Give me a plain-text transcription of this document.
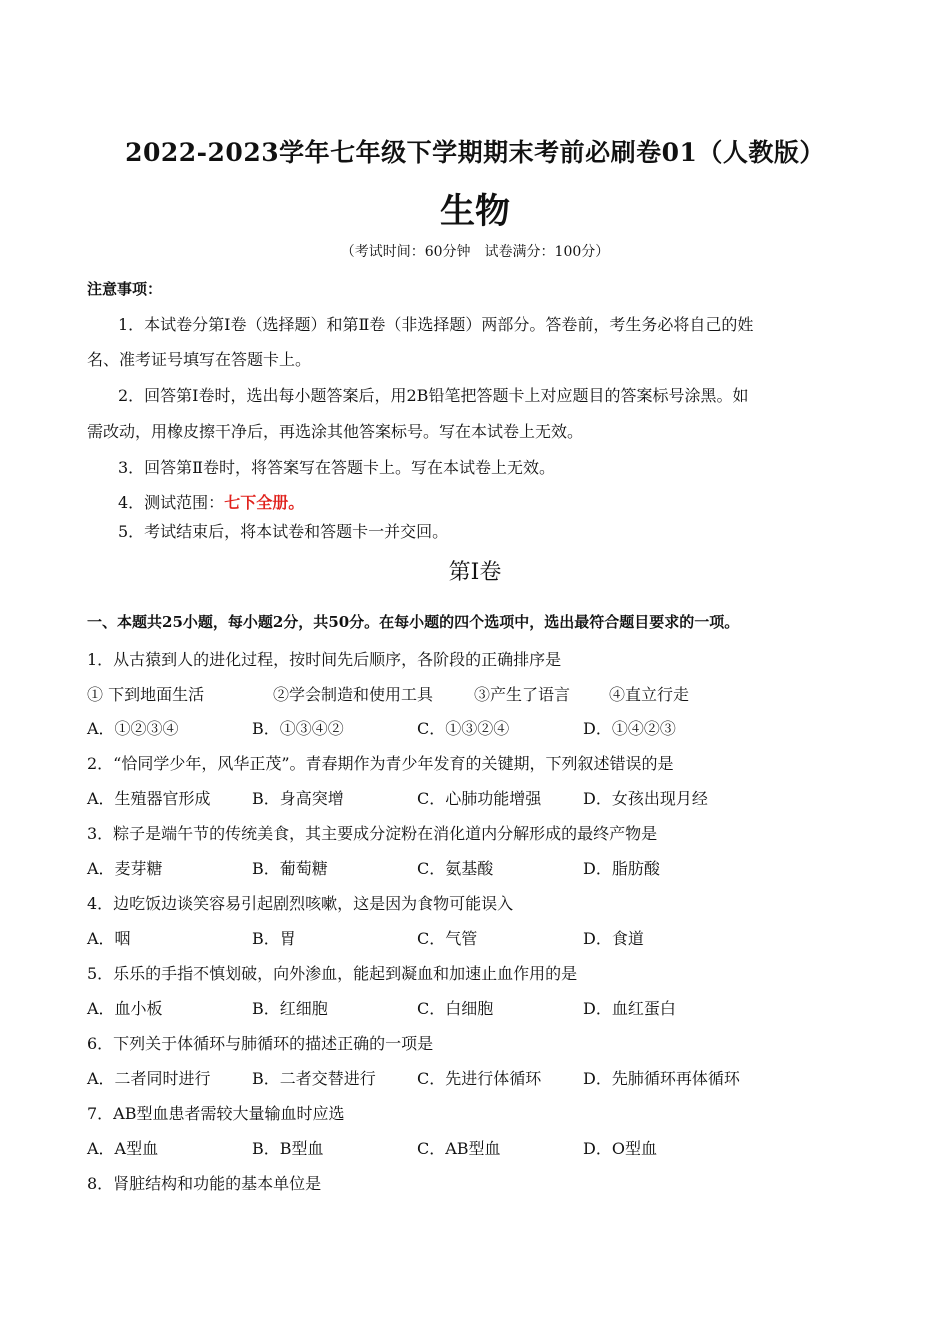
2022-2023学年七年级下学期期末考前必刷卷01（人教版）
生物
（考试时间：60分钟　试卷满分：100分）
注意事项：
1．本试卷分第Ⅰ卷（选择题）和第Ⅱ卷（非选择题）两部分。答卷前，考生务必将自己的姓
名、准考证号填写在答题卡上。
2．回答第Ⅰ卷时，选出每小题答案后，用2B铅笔把答题卡上对应题目的答案标号涂黑。如
需改动，用橡皮擦干净后，再选涂其他答案标号。写在本试卷上无效。
3．回答第Ⅱ卷时，将答案写在答题卡上。写在本试卷上无效。
4．测试范围：七下全册。
5．考试结束后，将本试卷和答题卡一并交回。
第Ⅰ卷
一、本题共25小题，每小题2分，共50分。在每小题的四个选项中，选出最符合题目要求的一项。
1．从古猿到人的进化过程，按时间先后顺序，各阶段的正确排序是
① 下到地面生活	②学会制造和使用工具	③产生了语言 ④直立行走
A．①②③④	B．①③④②	C．①③②④	D．①④②③
2．“恰同学少年，风华正茂”。青春期作为青少年发育的关键期，下列叙述错误的是
A．生殖器官形成	B．身高突增	C．心肺功能增强	D．女孩出现月经
3．粽子是端午节的传统美食，其主要成分淀粉在消化道内分解形成的最终产物是
A．麦芽糖	B．葡萄糖	C．氨基酸	D．脂肪酸
4．边吃饭边谈笑容易引起剧烈咳嗽，这是因为食物可能误入
A．咽	B．胃	C．气管	D．食道
5．乐乐的手指不慎划破，向外渗血，能起到凝血和加速止血作用的是
A．血小板	B．红细胞	C．白细胞	D．血红蛋白
6．下列关于体循环与肺循环的描述正确的一项是
A．二者同时进行	B．二者交替进行	C．先进行体循环	D．先肺循环再体循环
7．AB型血患者需较大量输血时应选
A．A型血	B．B型血	C．AB型血	D．O型血
8．肾脏结构和功能的基本单位是
